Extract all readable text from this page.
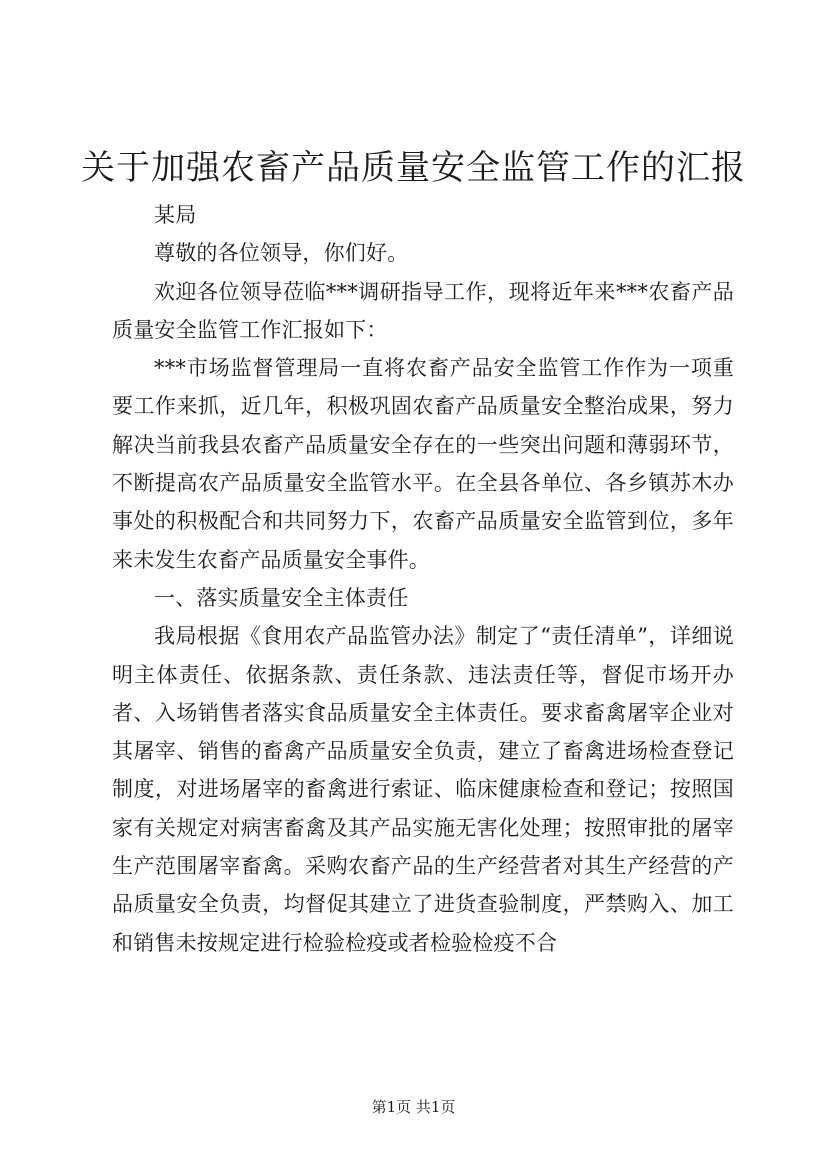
关于加强农畜产品质量安全监管工作的汇报

某局

尊敬的各位领导，你们好。

欢迎各位领导莅临***调研指导工作，现将近年来***农畜产品质量安全监管工作汇报如下：

***市场监督管理局一直将农畜产品安全监管工作作为一项重要工作来抓，近几年，积极巩固农畜产品质量安全整治成果，努力解决当前我县农畜产品质量安全存在的一些突出问题和薄弱环节，不断提高农产品质量安全监管水平。在全县各单位、各乡镇苏木办事处的积极配合和共同努力下，农畜产品质量安全监管到位，多年来未发生农畜产品质量安全事件。

一、落实质量安全主体责任

我局根据《食用农产品监管办法》制定了“责任清单”，详细说明主体责任、依据条款、责任条款、违法责任等，督促市场开办者、入场销售者落实食品质量安全主体责任。要求畜禽屠宰企业对其屠宰、销售的畜禽产品质量安全负责，建立了畜禽进场检查登记制度，对进场屠宰的畜禽进行索证、临床健康检查和登记；按照国家有关规定对病害畜禽及其产品实施无害化处理；按照审批的屠宰生产范围屠宰畜禽。采购农畜产品的生产经营者对其生产经营的产品质量安全负责，均督促其建立了进货查验制度，严禁购入、加工和销售未按规定进行检验检疫或者检验检疫不合

第1页 共1页
